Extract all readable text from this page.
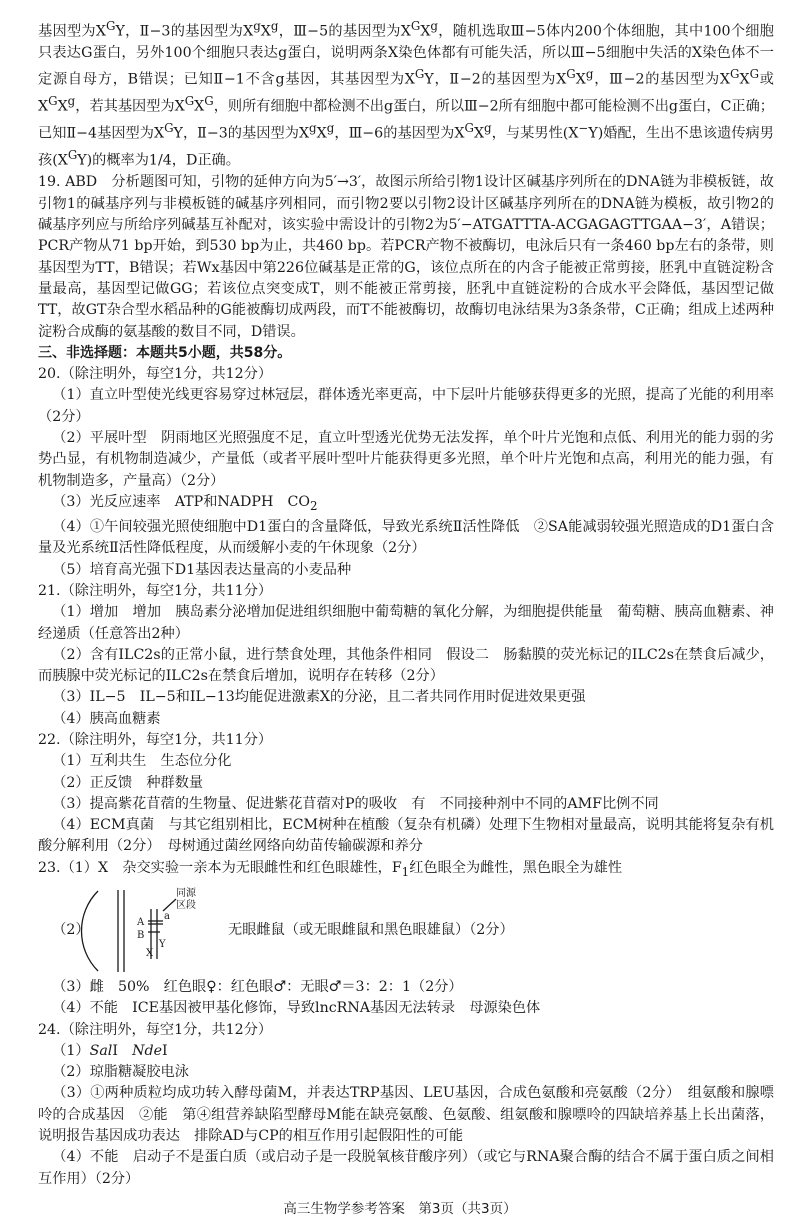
基因型为$X^GY$，Ⅱ−3的基因型为$X^gX^g$，Ⅲ−5的基因型为$X^GX^g$，随机选取Ⅲ−5体内200个体细胞，其中100个细胞只表达G蛋白，另外100个细胞只表达g蛋白，说明两条X染色体都有可能失活，所以Ⅲ−5细胞中失活的X染色体不一定源自母方，B错误；已知Ⅱ−1不含g基因，其基因型为$X^GY$，Ⅱ−2的基因型为$X^GX^g$，Ⅲ−2的基因型为$X^GX^G$或$X^GX^g$，若其基因型为$X^GX^G$，则所有细胞中都检测不出g蛋白，所以Ⅲ−2所有细胞中都可能检测不出g蛋白，C正确；已知Ⅱ−4基因型为$X^GY$，Ⅱ−3的基因型为$X^gX^g$，Ⅲ−6的基因型为$X^GX^g$，与某男性(X−Y)婚配，生出不患该遗传病男孩$(X^GY)$的概率为1/4，D正确。

19. ABD　分析题图可知，引物的延伸方向为5′→3′，故图示所给引物1设计区碱基序列所在的DNA链为非模板链，故引物1的碱基序列与非模板链的碱基序列相同，而引物2要以引物2设计区碱基序列所在的DNA链为模板，故引物2的碱基序列应与所给序列碱基互补配对，该实验中需设计的引物2为5′−ATGATTTA-ACGAGAGTTGAA−3′，A错误；PCR产物从71 bp开始，到530 bp为止，共460 bp。若PCR产物不被酶切，电泳后只有一条460 bp左右的条带，则基因型为TT，B错误；若Wx基因中第226位碱基是正常的G，该位点所在的内含子能被正常剪接，胚乳中直链淀粉含量最高，基因型记做GG；若该位点突变成T，则不能被正常剪接，胚乳中直链淀粉的合成水平会降低，基因型记做TT，故GT杂合型水稻品种的G能被酶切成两段，而T不能被酶切，故酶切电泳结果为3条条带，C正确；组成上述两种淀粉合成酶的氨基酸的数目不同，D错误。

三、非选择题：本题共5小题，共58分。

20.（除注明外，每空1分，共12分）

（1）直立叶型使光线更容易穿过林冠层，群体透光率更高，中下层叶片能够获得更多的光照，提高了光能的利用率（2分）

（2）平展叶型　阴雨地区光照强度不足，直立叶型透光优势无法发挥，单个叶片光饱和点低、利用光的能力弱的劣势凸显，有机物制造减少，产量低（或者平展叶型叶片能获得更多光照，单个叶片光饱和点高，利用光的能力强，有机物制造多，产量高）（2分）

（3）光反应速率　ATP和NADPH　$CO_2$

（4）①午间较强光照使细胞中D1蛋白的含量降低，导致光系统Ⅱ活性降低　②SA能减弱较强光照造成的D1蛋白含量及光系统Ⅱ活性降低程度，从而缓解小麦的午休现象（2分）

（5）培育高光强下D1基因表达量高的小麦品种

21.（除注明外，每空1分，共11分）

（1）增加　增加　胰岛素分泌增加促进组织细胞中葡萄糖的氧化分解，为细胞提供能量　葡萄糖、胰高血糖素、神经递质（任意答出2种）

（2）含有ILC2s的正常小鼠，进行禁食处理，其他条件相同　假设二　肠黏膜的荧光标记的ILC2s在禁食后减少，而胰腺中荧光标记的ILC2s在禁食后增加，说明存在转移（2分）

（3）IL−5　IL−5和IL−13均能促进激素X的分泌，且二者共同作用时促进效果更强

（4）胰高血糖素

22.（除注明外，每空1分，共11分）

（1）互利共生　生态位分化

（2）正反馈　种群数量

（3）提高紫花苜蓿的生物量、促进紫花苜蓿对P的吸收　有　不同接种剂中不同的AMF比例不同

（4）ECM真菌　与其它组别相比，ECM树种在植酸（复杂有机磷）处理下生物相对量最高，说明其能将复杂有机酸分解利用（2分）　母树通过菌丝网络向幼苗传输碳源和养分

23.（1）X　杂交实验一亲本为无眼雌性和红色眼雄性，$F_1$红色眼全为雌性，黑色眼全为雄性

（2）
同源
区段
A
a
B
X
Y
无眼雌鼠（或无眼雌鼠和黑色眼雄鼠）（2分）

（3）雌　50%　红色眼♀：红色眼♂：无眼♂＝3：2：1（2分）

（4）不能　ICE基因被甲基化修饰，导致lncRNA基因无法转录　母源染色体

24.（除注明外，每空1分，共12分）

（1）SalⅠ　NdeⅠ

（2）琼脂糖凝胶电泳

（3）①两种质粒均成功转入酵母菌M，并表达TRP基因、LEU基因，合成色氨酸和亮氨酸（2分）　组氨酸和腺嘌呤的合成基因　②能　第④组营养缺陷型酵母M能在缺亮氨酸、色氨酸、组氨酸和腺嘌呤的四缺培养基上长出菌落，说明报告基因成功表达　排除AD与CP的相互作用引起假阳性的可能

（4）不能　启动子不是蛋白质（或启动子是一段脱氧核苷酸序列）（或它与RNA聚合酶的结合不属于蛋白质之间相互作用）（2分）

高三生物学参考答案　第3页（共3页）
